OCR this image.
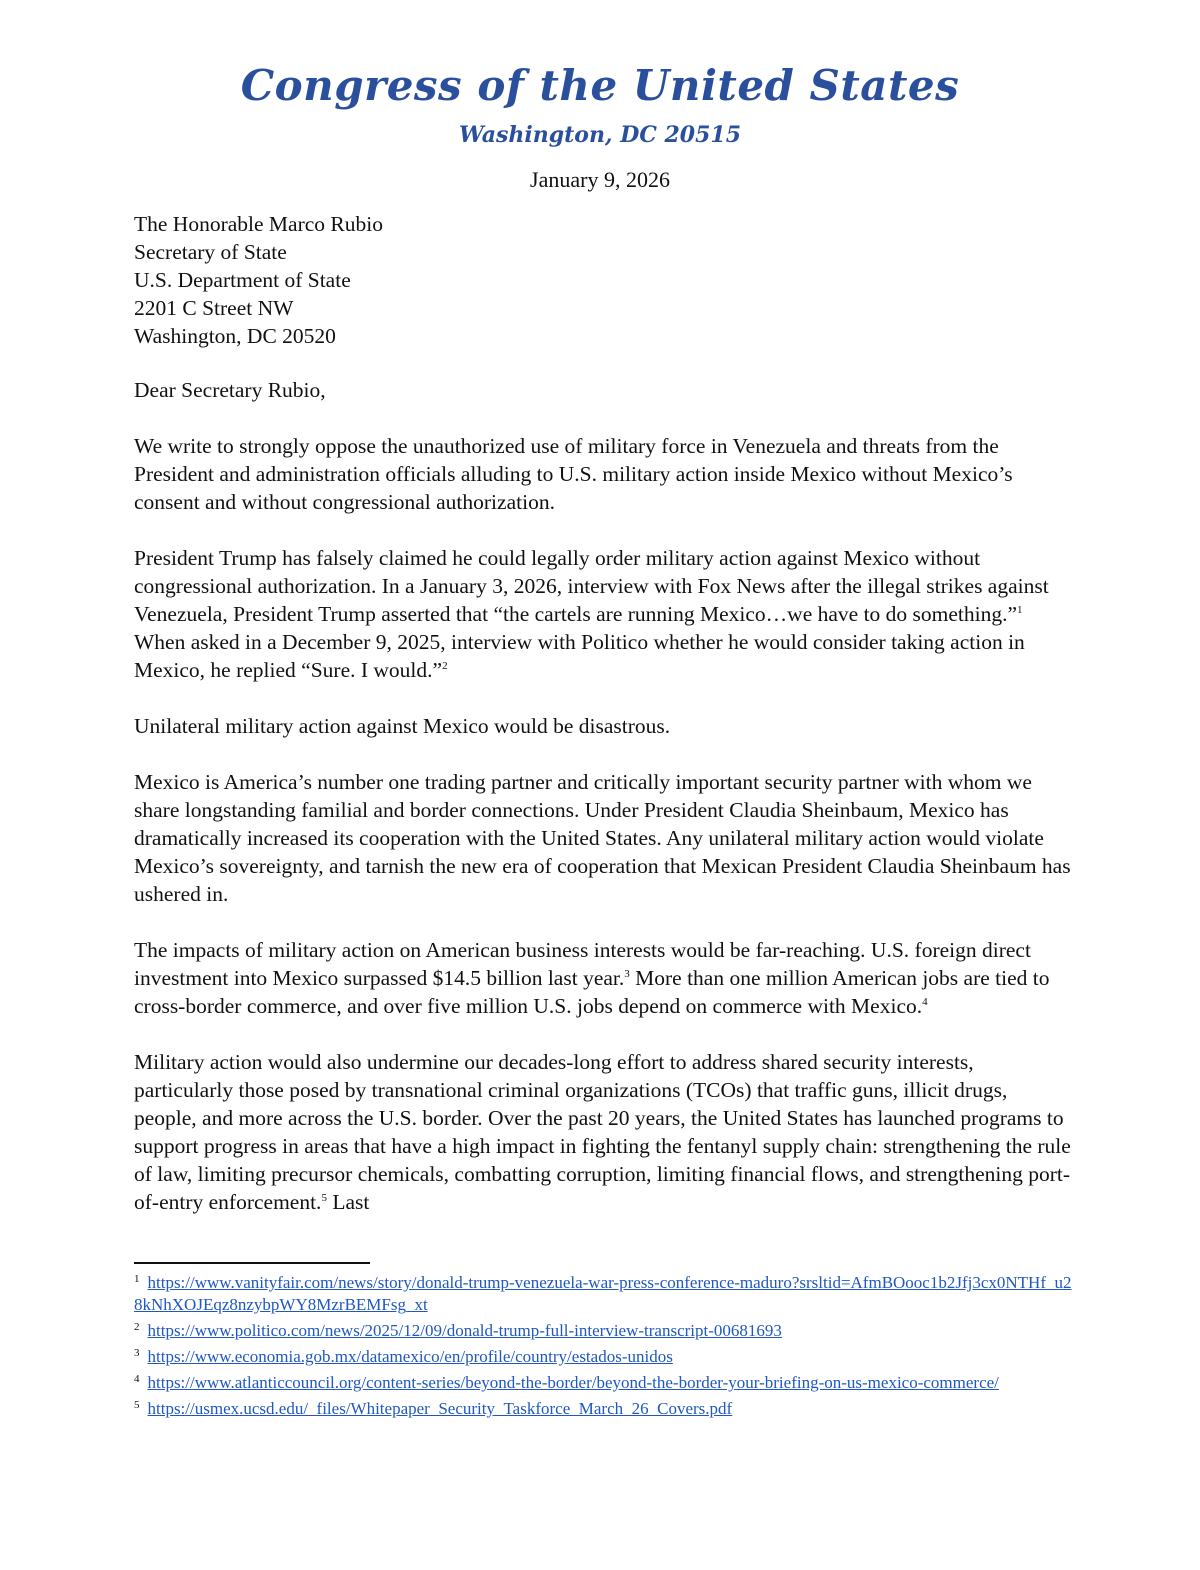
Congress of the United States
Washington, DC 20515
January 9, 2026
The Honorable Marco Rubio
Secretary of State
U.S. Department of State
2201 C Street NW
Washington, DC 20520
Dear Secretary Rubio,
We write to strongly oppose the unauthorized use of military force in Venezuela and threats from the President and administration officials alluding to U.S. military action inside Mexico without Mexico’s consent and without congressional authorization.
President Trump has falsely claimed he could legally order military action against Mexico without congressional authorization. In a January 3, 2026, interview with Fox News after the illegal strikes against Venezuela, President Trump asserted that “the cartels are running Mexico…we have to do something.”$^1$ When asked in a December 9, 2025, interview with Politico whether he would consider taking action in Mexico, he replied “Sure. I would.”$^2$
Unilateral military action against Mexico would be disastrous.
Mexico is America’s number one trading partner and critically important security partner with whom we share longstanding familial and border connections. Under President Claudia Sheinbaum, Mexico has dramatically increased its cooperation with the United States. Any unilateral military action would violate Mexico’s sovereignty, and tarnish the new era of cooperation that Mexican President Claudia Sheinbaum has ushered in.
The impacts of military action on American business interests would be far-reaching. U.S. foreign direct investment into Mexico surpassed $14.5 billion last year.$^3$ More than one million American jobs are tied to cross-border commerce, and over five million U.S. jobs depend on commerce with Mexico.$^4$
Military action would also undermine our decades-long effort to address shared security interests, particularly those posed by transnational criminal organizations (TCOs) that traffic guns, illicit drugs, people, and more across the U.S. border. Over the past 20 years, the United States has launched programs to support progress in areas that have a high impact in fighting the fentanyl supply chain: strengthening the rule of law, limiting precursor chemicals, combatting corruption, limiting financial flows, and strengthening port-of-entry enforcement.$^5$ Last
$^1$ https://www.vanityfair.com/news/story/donald-trump-venezuela-war-press-conference-maduro?srsltid=AfmBOooc1b2Jfj3cx0NTHf_u28kNhXOJEqz8nzybpWY8MzrBEMFsg_xt
$^2$ https://www.politico.com/news/2025/12/09/donald-trump-full-interview-transcript-00681693
$^3$ https://www.economia.gob.mx/datamexico/en/profile/country/estados-unidos
$^4$ https://www.atlanticcouncil.org/content-series/beyond-the-border/beyond-the-border-your-briefing-on-us-mexico-commerce/
$^5$ https://usmex.ucsd.edu/_files/Whitepaper_Security_Taskforce_March_26_Covers.pdf
